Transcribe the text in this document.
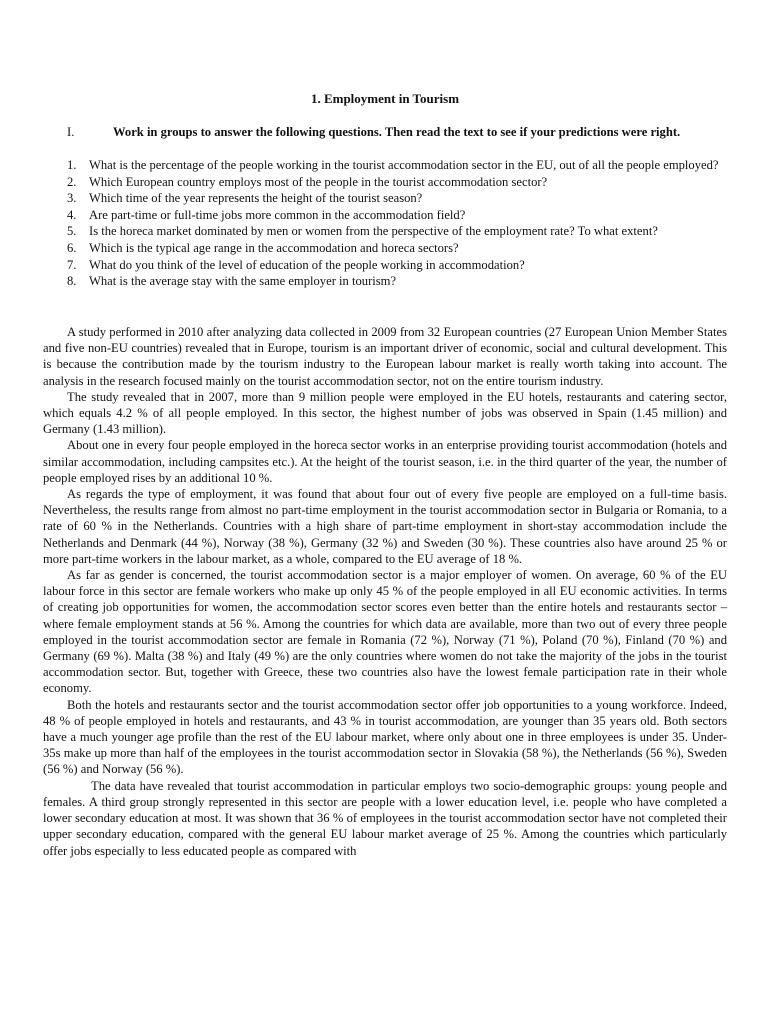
1. Employment in Tourism
I.	Work in groups to answer the following questions. Then read the text to see if your predictions were right.

1. What is the percentage of the people working in the tourist accommodation sector in the EU, out of all the people employed?
2. Which European country employs most of the people in the tourist accommodation sector?
3. Which time of the year represents the height of the tourist season?
4. Are part-time or full-time jobs more common in the accommodation field?
5. Is the horeca market dominated by men or women from the perspective of the employment rate? To what extent?
6. Which is the typical age range in the accommodation and horeca sectors?
7. What do you think of the level of education of the people working in accommodation?
8. What is the average stay with the same employer in tourism?

A study performed in 2010 after analyzing data collected in 2009 from 32 European countries (27 European Union Member States and five non-EU countries) revealed that in Europe, tourism is an important driver of economic, social and cultural development. This is because the contribution made by the tourism industry to the European labour market is really worth taking into account. The analysis in the research focused mainly on the tourist accommodation sector, not on the entire tourism industry.

The study revealed that in 2007, more than 9 million people were employed in the EU hotels, restaurants and catering sector, which equals 4.2 % of all people employed. In this sector, the highest number of jobs was observed in Spain (1.45 million) and Germany (1.43 million).

About one in every four people employed in the horeca sector works in an enterprise providing tourist accommodation (hotels and similar accommodation, including campsites etc.). At the height of the tourist season, i.e. in the third quarter of the year, the number of people employed rises by an additional 10 %.

As regards the type of employment, it was found that about four out of every five people are employed on a full-time basis. Nevertheless, the results range from almost no part-time employment in the tourist accommodation sector in Bulgaria or Romania, to a rate of 60 % in the Netherlands. Countries with a high share of part-time employment in short-stay accommodation include the Netherlands and Denmark (44 %), Norway (38 %), Germany (32 %) and Sweden (30 %). These countries also have around 25 % or more part-time workers in the labour market, as a whole, compared to the EU average of 18 %.

As far as gender is concerned, the tourist accommodation sector is a major employer of women. On average, 60 % of the EU labour force in this sector are female workers who make up only 45 % of the people employed in all EU economic activities. In terms of creating job opportunities for women, the accommodation sector scores even better than the entire hotels and restaurants sector – where female employment stands at 56 %. Among the countries for which data are available, more than two out of every three people employed in the tourist accommodation sector are female in Romania (72 %), Norway (71 %), Poland (70 %), Finland (70 %) and Germany (69 %). Malta (38 %) and Italy (49 %) are the only countries where women do not take the majority of the jobs in the tourist accommodation sector. But, together with Greece, these two countries also have the lowest female participation rate in their whole economy.

Both the hotels and restaurants sector and the tourist accommodation sector offer job opportunities to a young workforce. Indeed, 48 % of people employed in hotels and restaurants, and 43 % in tourist accommodation, are younger than 35 years old. Both sectors have a much younger age profile than the rest of the EU labour market, where only about one in three employees is under 35. Under-35s make up more than half of the employees in the tourist accommodation sector in Slovakia (58 %), the Netherlands (56 %), Sweden (56 %) and Norway (56 %).

The data have revealed that tourist accommodation in particular employs two socio-demographic groups: young people and females. A third group strongly represented in this sector are people with a lower education level, i.e. people who have completed a lower secondary education at most. It was shown that 36 % of employees in the tourist accommodation sector have not completed their upper secondary education, compared with the general EU labour market average of 25 %. Among the countries which particularly offer jobs especially to less educated people as compared with
